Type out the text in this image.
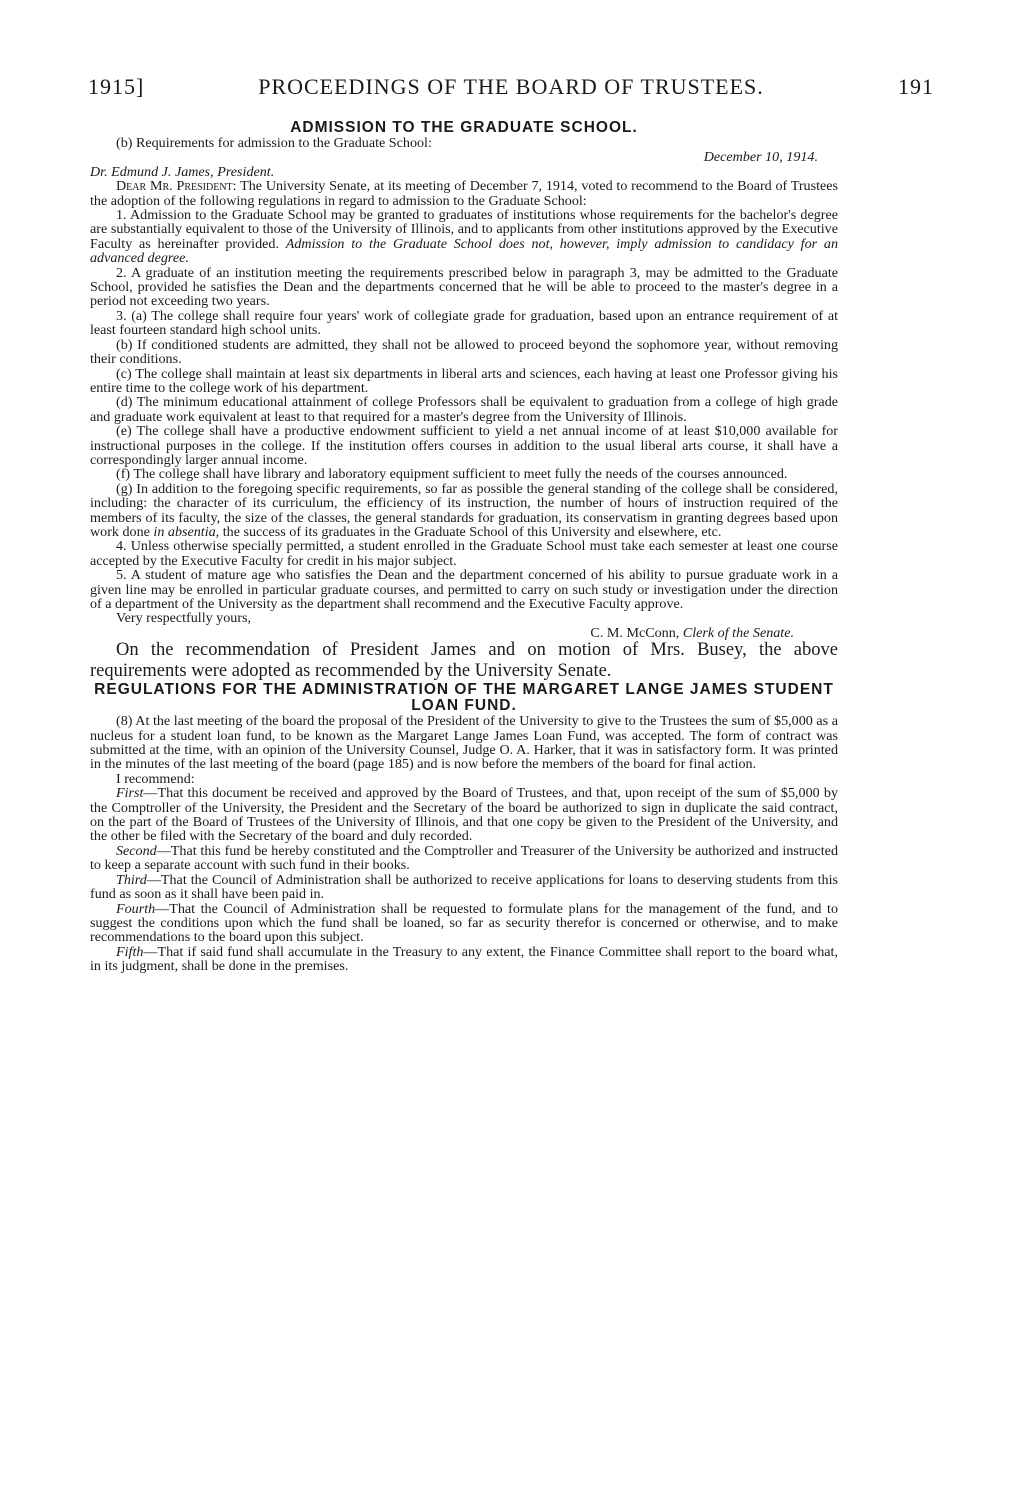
1915]	PROCEEDINGS OF THE BOARD OF TRUSTEES.	191

ADMISSION TO THE GRADUATE SCHOOL.

(b) Requirements for admission to the Graduate School:

December 10, 1914.

Dr. Edmund J. James, President.

Dear Mr. President: The University Senate, at its meeting of December 7, 1914, voted to recommend to the Board of Trustees the adoption of the following regulations in regard to admission to the Graduate School:

1. Admission to the Graduate School may be granted to graduates of institutions whose requirements for the bachelor's degree are substantially equivalent to those of the University of Illinois, and to applicants from other institutions approved by the Executive Faculty as hereinafter provided. Admission to the Graduate School does not, however, imply admission to candidacy for an advanced degree.

2. A graduate of an institution meeting the requirements prescribed below in paragraph 3, may be admitted to the Graduate School, provided he satisfies the Dean and the departments concerned that he will be able to proceed to the master's degree in a period not exceeding two years.

3. (a) The college shall require four years' work of collegiate grade for graduation, based upon an entrance requirement of at least fourteen standard high school units.

(b) If conditioned students are admitted, they shall not be allowed to proceed beyond the sophomore year, without removing their conditions.

(c) The college shall maintain at least six departments in liberal arts and sciences, each having at least one Professor giving his entire time to the college work of his department.

(d) The minimum educational attainment of college Professors shall be equivalent to graduation from a college of high grade and graduate work equivalent at least to that required for a master's degree from the University of Illinois.

(e) The college shall have a productive endowment sufficient to yield a net annual income of at least $10,000 available for instructional purposes in the college. If the institution offers courses in addition to the usual liberal arts course, it shall have a correspondingly larger annual income.

(f) The college shall have library and laboratory equipment sufficient to meet fully the needs of the courses announced.

(g) In addition to the foregoing specific requirements, so far as possible the general standing of the college shall be considered, including: the character of its curriculum, the efficiency of its instruction, the number of hours of instruction required of the members of its faculty, the size of the classes, the general standards for graduation, its conservatism in granting degrees based upon work done in absentia, the success of its graduates in the Graduate School of this University and elsewhere, etc.

4. Unless otherwise specially permitted, a student enrolled in the Graduate School must take each semester at least one course accepted by the Executive Faculty for credit in his major subject.

5. A student of mature age who satisfies the Dean and the department concerned of his ability to pursue graduate work in a given line may be enrolled in particular graduate courses, and permitted to carry on such study or investigation under the direction of a department of the University as the department shall recommend and the Executive Faculty approve.

Very respectfully yours,

C. M. McConn, Clerk of the Senate.

On the recommendation of President James and on motion of Mrs. Busey, the above requirements were adopted as recommended by the University Senate.

REGULATIONS FOR THE ADMINISTRATION OF THE MARGARET LANGE JAMES STUDENT LOAN FUND.

(8) At the last meeting of the board the proposal of the President of the University to give to the Trustees the sum of $5,000 as a nucleus for a student loan fund, to be known as the Margaret Lange James Loan Fund, was accepted. The form of contract was submitted at the time, with an opinion of the University Counsel, Judge O. A. Harker, that it was in satisfactory form. It was printed in the minutes of the last meeting of the board (page 185) and is now before the members of the board for final action.

I recommend:

First—That this document be received and approved by the Board of Trustees, and that, upon receipt of the sum of $5,000 by the Comptroller of the University, the President and the Secretary of the board be authorized to sign in duplicate the said contract, on the part of the Board of Trustees of the University of Illinois, and that one copy be given to the President of the University, and the other be filed with the Secretary of the board and duly recorded.

Second—That this fund be hereby constituted and the Comptroller and Treasurer of the University be authorized and instructed to keep a separate account with such fund in their books.

Third—That the Council of Administration shall be authorized to receive applications for loans to deserving students from this fund as soon as it shall have been paid in.

Fourth—That the Council of Administration shall be requested to formulate plans for the management of the fund, and to suggest the conditions upon which the fund shall be loaned, so far as security therefor is concerned or otherwise, and to make recommendations to the board upon this subject.

Fifth—That if said fund shall accumulate in the Treasury to any extent, the Finance Committee shall report to the board what, in its judgment, shall be done in the premises.
